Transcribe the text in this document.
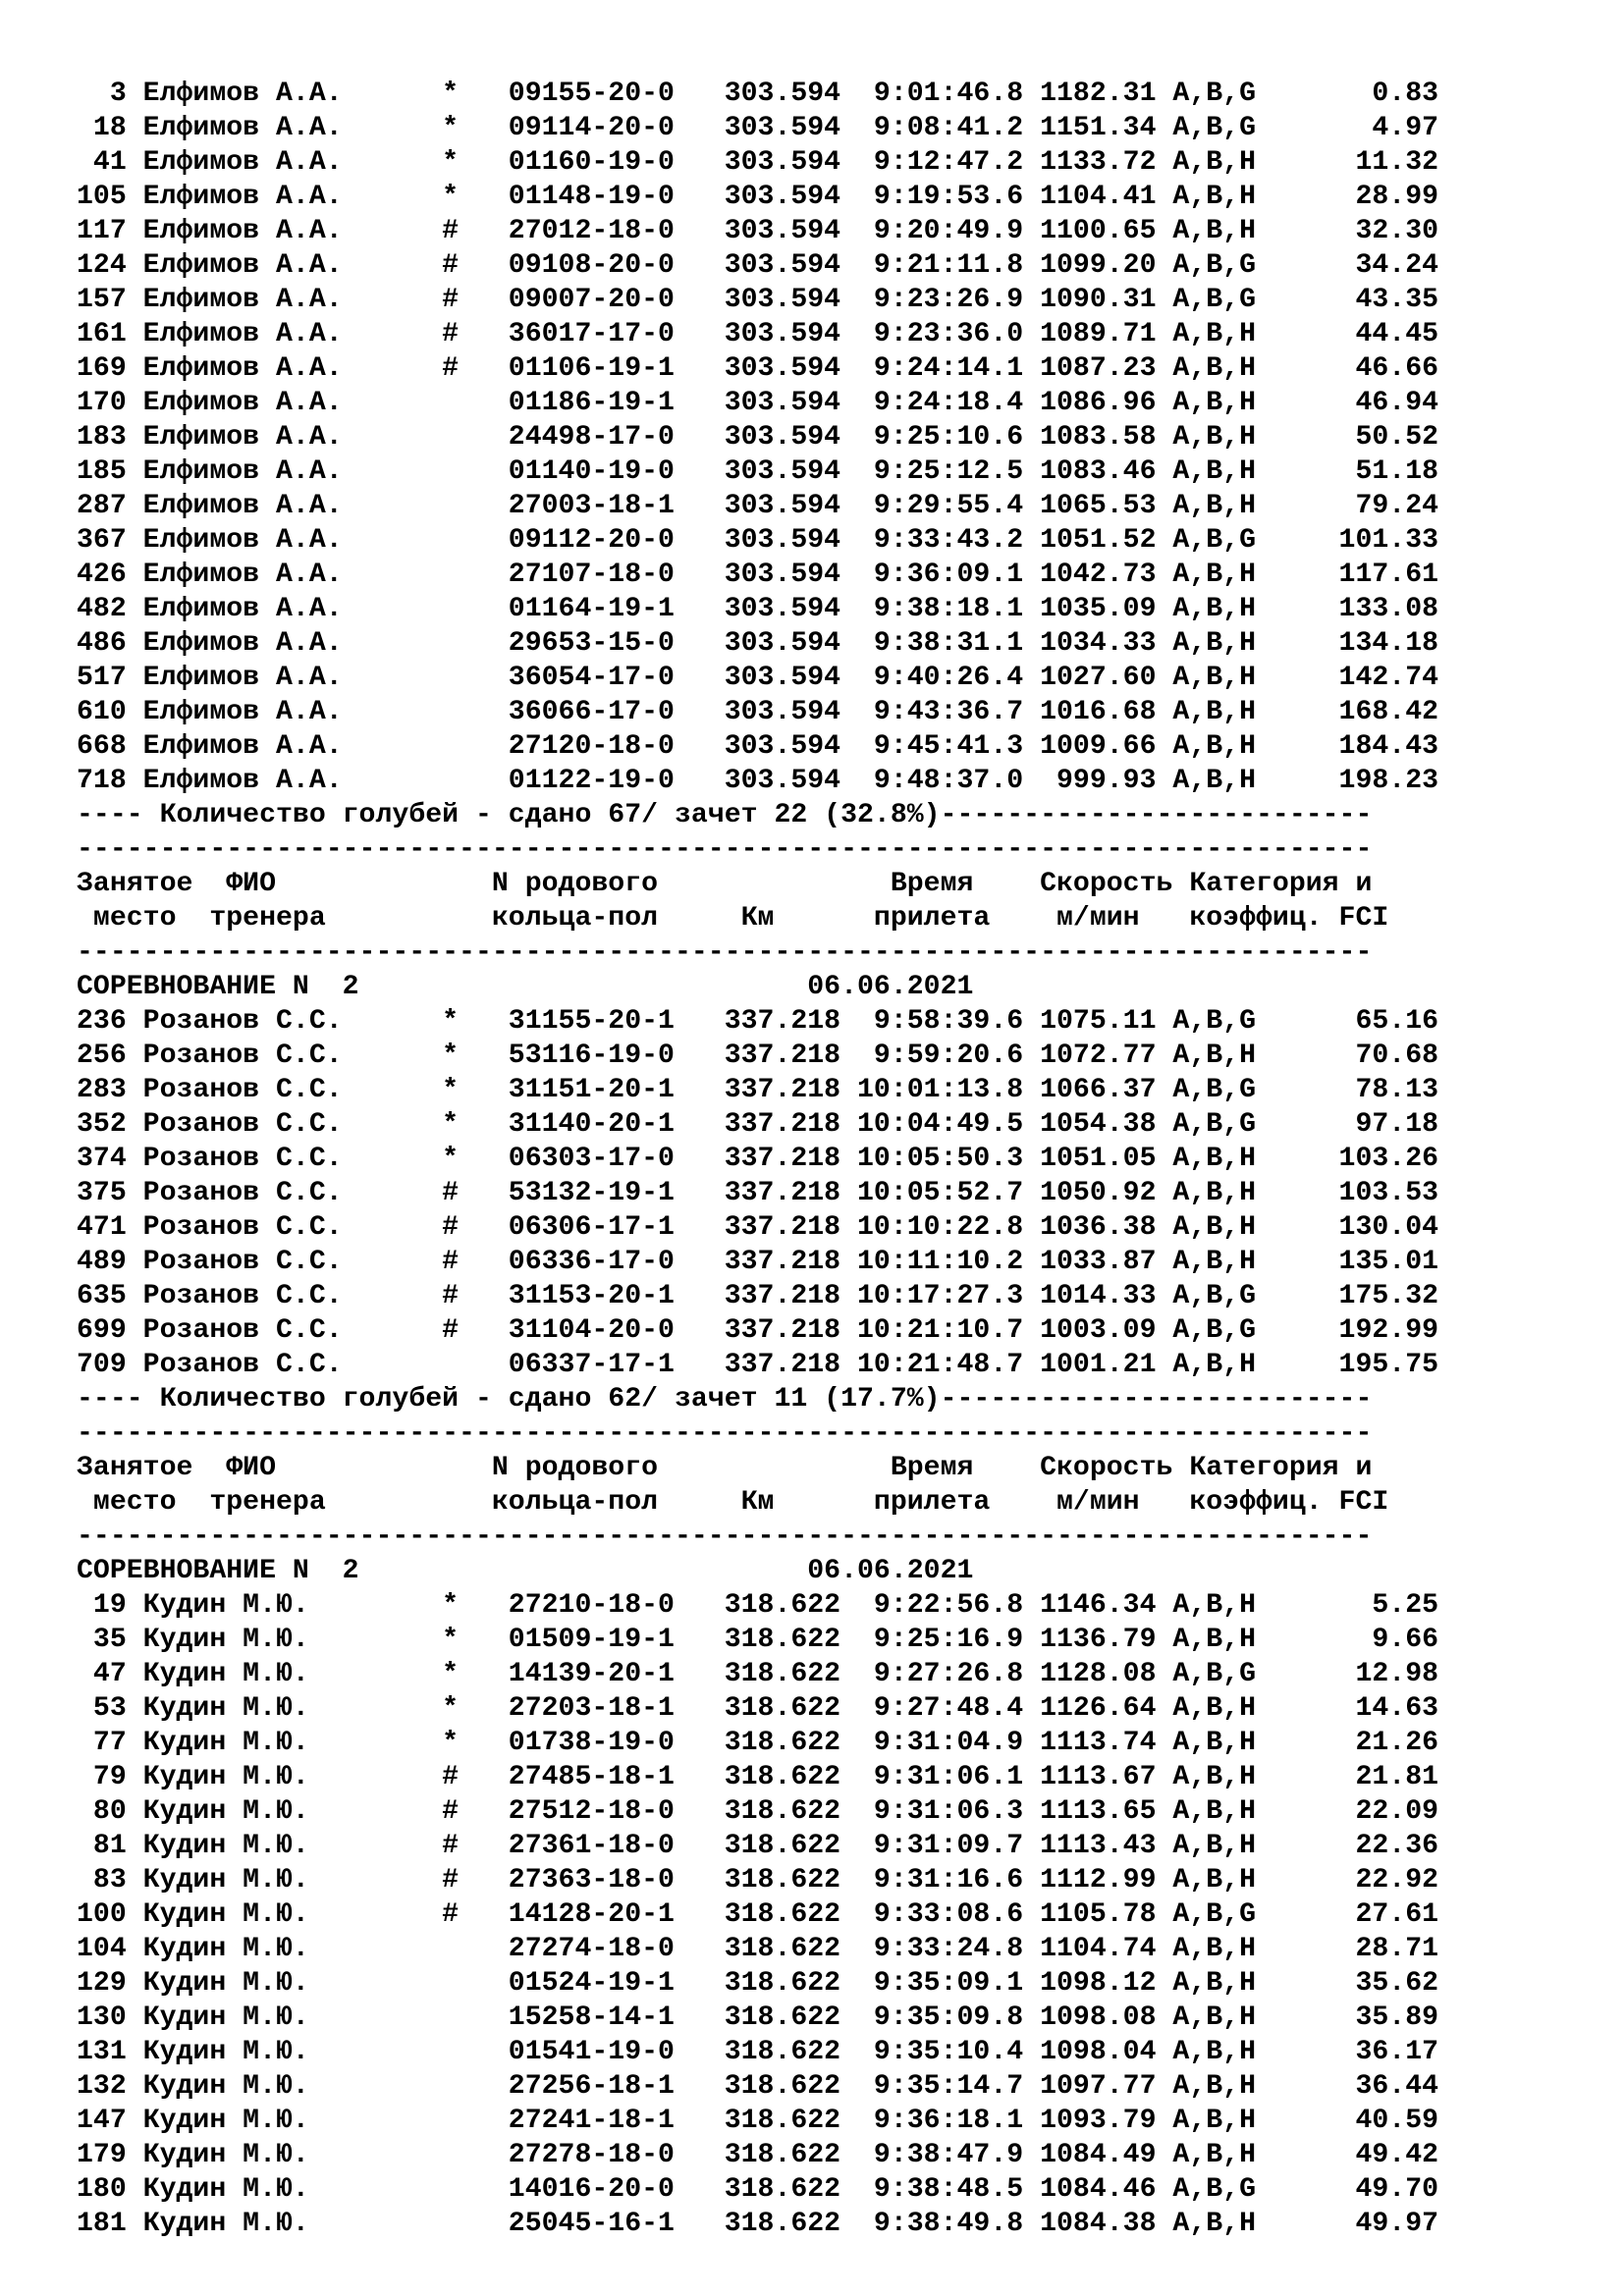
3 Елфимов А.А.      *   09155-20-0   303.594  9:01:46.8 1182.31 A,B,G       0.83
18 Елфимов А.А.      *   09114-20-0   303.594  9:08:41.2 1151.34 A,B,G       4.97
41 Елфимов А.А.      *   01160-19-0   303.594  9:12:47.2 1133.72 A,B,H      11.32
105 Елфимов А.А.      *   01148-19-0   303.594  9:19:53.6 1104.41 A,B,H      28.99
117 Елфимов А.А.      #   27012-18-0   303.594  9:20:49.9 1100.65 A,B,H      32.30
124 Елфимов А.А.      #   09108-20-0   303.594  9:21:11.8 1099.20 A,B,G      34.24
157 Елфимов А.А.      #   09007-20-0   303.594  9:23:26.9 1090.31 A,B,G      43.35
161 Елфимов А.А.      #   36017-17-0   303.594  9:23:36.0 1089.71 A,B,H      44.45
169 Елфимов А.А.      #   01106-19-1   303.594  9:24:14.1 1087.23 A,B,H      46.66
170 Елфимов А.А.          01186-19-1   303.594  9:24:18.4 1086.96 A,B,H      46.94
183 Елфимов А.А.          24498-17-0   303.594  9:25:10.6 1083.58 A,B,H      50.52
185 Елфимов А.А.          01140-19-0   303.594  9:25:12.5 1083.46 A,B,H      51.18
287 Елфимов А.А.          27003-18-1   303.594  9:29:55.4 1065.53 A,B,H      79.24
367 Елфимов А.А.          09112-20-0   303.594  9:33:43.2 1051.52 A,B,G     101.33
426 Елфимов А.А.          27107-18-0   303.594  9:36:09.1 1042.73 A,B,H     117.61
482 Елфимов А.А.          01164-19-1   303.594  9:38:18.1 1035.09 A,B,H     133.08
486 Елфимов А.А.          29653-15-0   303.594  9:38:31.1 1034.33 A,B,H     134.18
517 Елфимов А.А.          36054-17-0   303.594  9:40:26.4 1027.60 A,B,H     142.74
610 Елфимов А.А.          36066-17-0   303.594  9:43:36.7 1016.68 A,B,H     168.42
668 Елфимов А.А.          27120-18-0   303.594  9:45:41.3 1009.66 A,B,H     184.43
718 Елфимов А.А.          01122-19-0   303.594  9:48:37.0  999.93 A,B,H     198.23
---- Количество голубей - сдано 67/ зачет 22 (32.8%)--------------------------
------------------------------------------------------------------------------
Занятое  ФИО             N родового              Время    Скорость Категория и
место  тренера          кольца-пол     Км      прилета    м/мин   коэффиц. FCI
------------------------------------------------------------------------------
СОРЕВНОВАНИЕ N  2                           06.06.2021
236 Розанов С.С.      *   31155-20-1   337.218  9:58:39.6 1075.11 A,B,G      65.16
256 Розанов С.С.      *   53116-19-0   337.218  9:59:20.6 1072.77 A,B,H      70.68
283 Розанов С.С.      *   31151-20-1   337.218 10:01:13.8 1066.37 A,B,G      78.13
352 Розанов С.С.      *   31140-20-1   337.218 10:04:49.5 1054.38 A,B,G      97.18
374 Розанов С.С.      *   06303-17-0   337.218 10:05:50.3 1051.05 A,B,H     103.26
375 Розанов С.С.      #   53132-19-1   337.218 10:05:52.7 1050.92 A,B,H     103.53
471 Розанов С.С.      #   06306-17-1   337.218 10:10:22.8 1036.38 A,B,H     130.04
489 Розанов С.С.      #   06336-17-0   337.218 10:11:10.2 1033.87 A,B,H     135.01
635 Розанов С.С.      #   31153-20-1   337.218 10:17:27.3 1014.33 A,B,G     175.32
699 Розанов С.С.      #   31104-20-0   337.218 10:21:10.7 1003.09 A,B,G     192.99
709 Розанов С.С.          06337-17-1   337.218 10:21:48.7 1001.21 A,B,H     195.75
---- Количество голубей - сдано 62/ зачет 11 (17.7%)--------------------------
------------------------------------------------------------------------------
Занятое  ФИО             N родового              Время    Скорость Категория и
место  тренера          кольца-пол     Км      прилета    м/мин   коэффиц. FCI
------------------------------------------------------------------------------
СОРЕВНОВАНИЕ N  2                           06.06.2021
19 Кудин М.Ю.        *   27210-18-0   318.622  9:22:56.8 1146.34 A,B,H       5.25
35 Кудин М.Ю.        *   01509-19-1   318.622  9:25:16.9 1136.79 A,B,H       9.66
47 Кудин М.Ю.        *   14139-20-1   318.622  9:27:26.8 1128.08 A,B,G      12.98
53 Кудин М.Ю.        *   27203-18-1   318.622  9:27:48.4 1126.64 A,B,H      14.63
77 Кудин М.Ю.        *   01738-19-0   318.622  9:31:04.9 1113.74 A,B,H      21.26
79 Кудин М.Ю.        #   27485-18-1   318.622  9:31:06.1 1113.67 A,B,H      21.81
80 Кудин М.Ю.        #   27512-18-0   318.622  9:31:06.3 1113.65 A,B,H      22.09
81 Кудин М.Ю.        #   27361-18-0   318.622  9:31:09.7 1113.43 A,B,H      22.36
83 Кудин М.Ю.        #   27363-18-0   318.622  9:31:16.6 1112.99 A,B,H      22.92
100 Кудин М.Ю.        #   14128-20-1   318.622  9:33:08.6 1105.78 A,B,G      27.61
104 Кудин М.Ю.            27274-18-0   318.622  9:33:24.8 1104.74 A,B,H      28.71
129 Кудин М.Ю.            01524-19-1   318.622  9:35:09.1 1098.12 A,B,H      35.62
130 Кудин М.Ю.            15258-14-1   318.622  9:35:09.8 1098.08 A,B,H      35.89
131 Кудин М.Ю.            01541-19-0   318.622  9:35:10.4 1098.04 A,B,H      36.17
132 Кудин М.Ю.            27256-18-1   318.622  9:35:14.7 1097.77 A,B,H      36.44
147 Кудин М.Ю.            27241-18-1   318.622  9:36:18.1 1093.79 A,B,H      40.59
179 Кудин М.Ю.            27278-18-0   318.622  9:38:47.9 1084.49 A,B,H      49.42
180 Кудин М.Ю.            14016-20-0   318.622  9:38:48.5 1084.46 A,B,G      49.70
181 Кудин М.Ю.            25045-16-1   318.622  9:38:49.8 1084.38 A,B,H      49.97
